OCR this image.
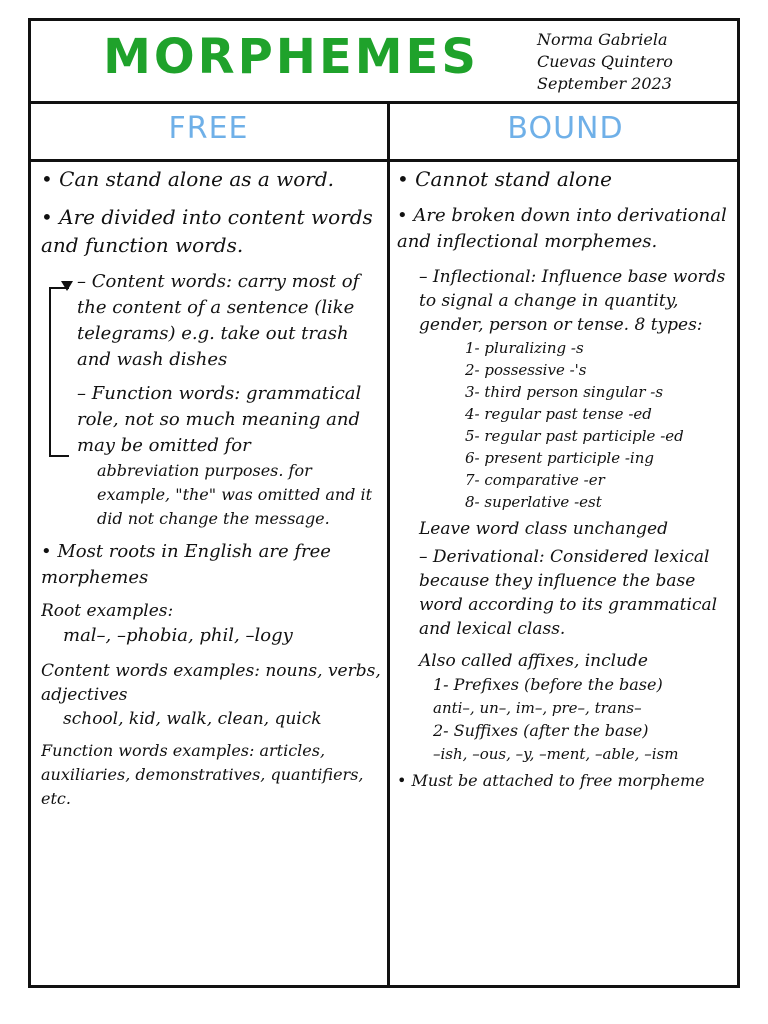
MORPHEMES	Norma Gabriela
Cuevas Quintero
September 2023
FREE	BOUND

• Can stand alone as a word.

• Are divided into content words and function words.

– Content words: carry most of the content of a sentence (like telegrams) e.g. take out trash and wash dishes

– Function words: grammatical role, not so much meaning and may be omitted for

abbreviation purposes. for example, "the" was omitted and it did not change the message.

• Most roots in English are free morphemes

Root examples:

mal–, –phobia, phil, –logy

Content words examples: nouns, verbs, adjectives

school, kid, walk, clean, quick

Function words examples: articles, auxiliaries, demonstratives, quantifiers, etc.

• Cannot stand alone

• Are broken down into derivational and inflectional morphemes.

– Inflectional: Influence base words to signal a change in quantity, gender, person or tense. 8 types:

1- pluralizing -s
2- possessive -'s
3- third person singular -s
4- regular past tense -ed
5- regular past participle -ed
6- present participle -ing
7- comparative -er
8- superlative -est

Leave word class unchanged

– Derivational: Considered lexical because they influence the base word according to its grammatical and lexical class.

Also called affixes, include

1- Prefixes (before the base)

anti–, un–, im–, pre–, trans–

2- Suffixes (after the base)

–ish, –ous, –y, –ment, –able, –ism

• Must be attached to free morpheme
